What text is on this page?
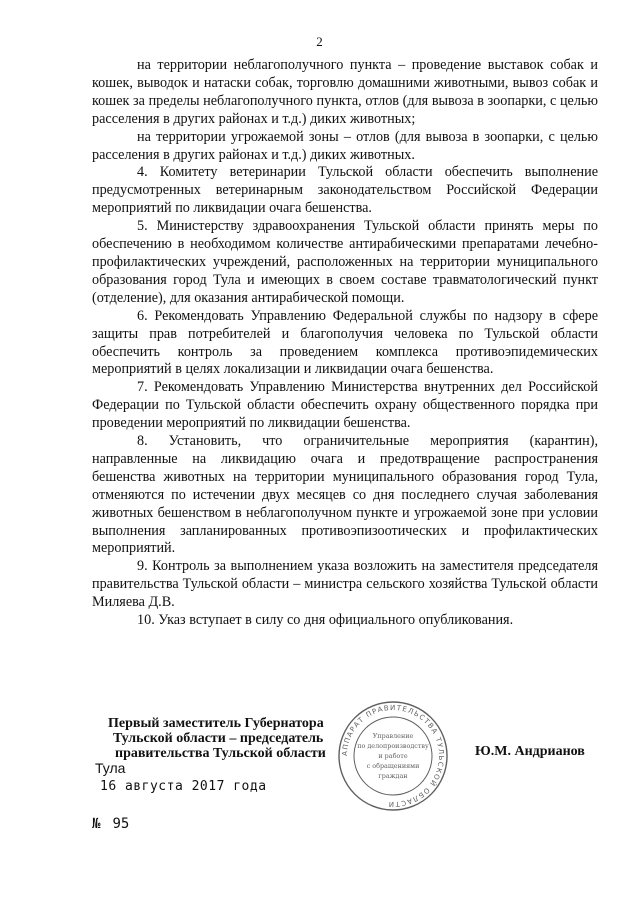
2

на территории неблагополучного пункта – проведение выставок собак и кошек, выводок и натаски собак, торговлю домашними животными, вывоз собак и кошек за пределы неблагополучного пункта, отлов (для вывоза в зоопарки, с целью расселения в других районах и т.д.) диких животных;

на территории угрожаемой зоны – отлов (для вывоза в зоопарки, с целью расселения в других районах и т.д.) диких животных.

4. Комитету ветеринарии Тульской области обеспечить выполнение предусмотренных ветеринарным законодательством Российской Федерации мероприятий по ликвидации очага бешенства.

5. Министерству здравоохранения Тульской области принять меры по обеспечению в необходимом количестве антирабическими препаратами лечебно-профилактических учреждений, расположенных на территории муниципального образования город Тула и имеющих в своем составе травматологический пункт (отделение), для оказания антирабической помощи.

6. Рекомендовать Управлению Федеральной службы по надзору в сфере защиты прав потребителей и благополучия человека по Тульской области обеспечить контроль за проведением комплекса противоэпидемических мероприятий в целях локализации и ликвидации очага бешенства.

7. Рекомендовать Управлению Министерства внутренних дел Российской Федерации по Тульской области обеспечить охрану общественного порядка при проведении мероприятий по ликвидации бешенства.

8. Установить, что ограничительные мероприятия (карантин), направленные на ликвидацию очага и предотвращение распространения бешенства животных на территории муниципального образования город Тула, отменяются по истечении двух месяцев со дня последнего случая заболевания животных бешенством в неблагополучном пункте и угрожаемой зоне при условии выполнения запланированных противоэпизоотических и профилактических мероприятий.

9. Контроль за выполнением указа возложить на заместителя председателя правительства Тульской области – министра сельского хозяйства Тульской области Миляева Д.В.

10. Указ вступает в силу со дня официального опубликования.

Первый заместитель Губернатора
Тульской области – председатель
правительства Тульской области АППАРАТ ПРАВИТЕЛЬСТВА ТУЛЬСКОЙ ОБЛАСТИ
Управление
по делопроизводству
и работе
с обращениями
граждан
Ю.М. Андрианов
Тула
16 августа 2017 года
№ 95
